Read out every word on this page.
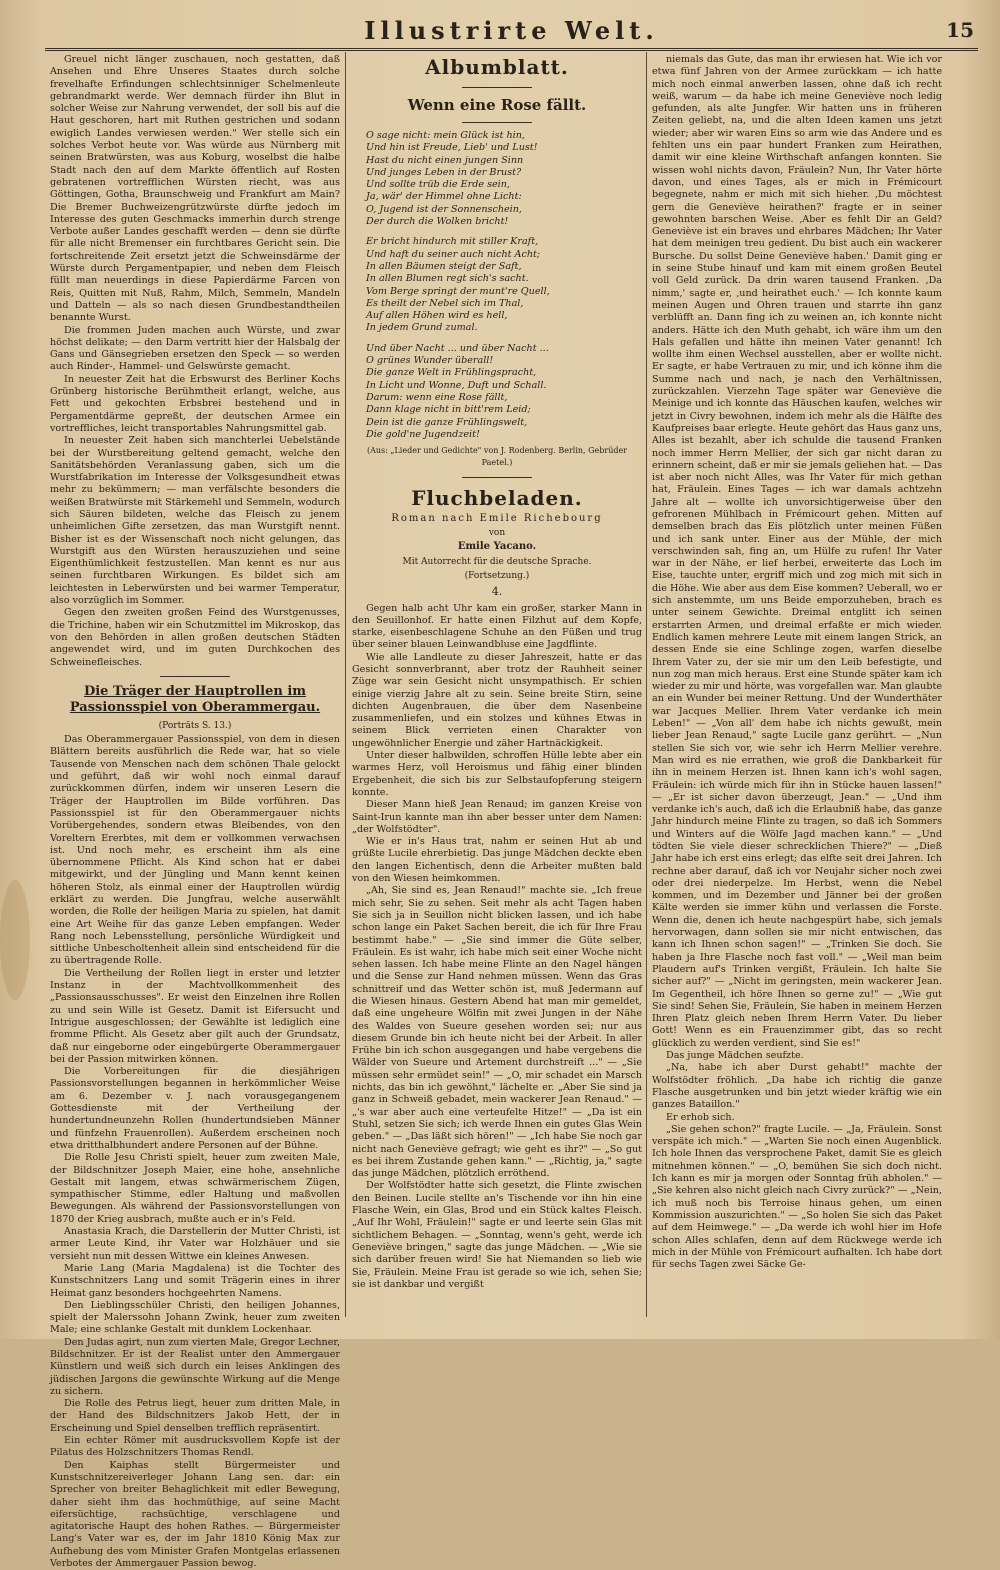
Illustrirte Welt.	15

Greuel nicht länger zuschauen, noch gestatten, daß Ansehen und Ehre Unseres Staates durch solche frevelhafte Erfindungen schlechtsinniger Schelmenleute gebrandmarkt werde. Wer demnach fürder ihn Blut in solcher Weise zur Nahrung verwendet, der soll bis auf die Haut geschoren, hart mit Ruthen gestrichen und sodann ewiglich Landes verwiesen werden." Wer stelle sich ein solches Verbot heute vor. Was würde aus Nürnberg mit seinen Bratwürsten, was aus Koburg, woselbst die halbe Stadt nach den auf dem Markte öffentlich auf Rosten gebratenen vortrefflichen Würsten riecht, was aus Göttingen, Gotha, Braunschweig und Frankfurt am Main? Die Bremer Buchweizengrützwürste dürfte jedoch im Interesse des guten Geschmacks immerhin durch strenge Verbote außer Landes geschafft werden — denn sie dürfte für alle nicht Bremenser ein furchtbares Gericht sein. Die fortschreitende Zeit ersetzt jetzt die Schweinsdärme der Würste durch Pergamentpapier, und neben dem Fleisch füllt man neuerdings in diese Papierdärme Farcen von Reis, Quitten mit Nuß, Rahm, Milch, Semmeln, Mandeln und Datteln — als so nach diesen Grundbestandtheilen benannte Wurst.

Die frommen Juden machen auch Würste, und zwar höchst delikate; — den Darm vertritt hier der Halsbalg der Gans und Gänsegrieben ersetzen den Speck — so werden auch Rinder-, Hammel- und Gelswürste gemacht.

In neuester Zeit hat die Erbswurst des Berliner Kochs Grünberg historische Berühmtheit erlangt, welche, aus Fett und gekochten Erbsbrei bestehend und in Pergamentdärme gepreßt, der deutschen Armee ein vortreffliches, leicht transportables Nahrungsmittel gab.

In neuester Zeit haben sich manchterlei Uebelstände bei der Wurstbereitung geltend gemacht, welche den Sanitätsbehörden Veranlassung gaben, sich um die Wurstfabrikation im Interesse der Volksgesundheit etwas mehr zu bekümmern; — man verfälschte besonders die weißen Bratwürste mit Stärkemehl und Semmeln, wodurch sich Säuren bildeten, welche das Fleisch zu jenem unheimlichen Gifte zersetzen, das man Wurstgift nennt. Bisher ist es der Wissenschaft noch nicht gelungen, das Wurstgift aus den Würsten herauszuziehen und seine Eigenthümlichkeit festzustellen. Man kennt es nur aus seinen furchtbaren Wirkungen. Es bildet sich am leichtesten in Leberwürsten und bei warmer Temperatur, also vorzüglich im Sommer.

Gegen den zweiten großen Feind des Wurstgenusses, die Trichine, haben wir ein Schutzmittel im Mikroskop, das von den Behörden in allen großen deutschen Städten angewendet wird, und im guten Durchkochen des Schweinefleisches.

Die Träger der Hauptrollen im Passionsspiel von Oberammergau.

(Porträts S. 13.)

Das Oberammergauer Passionsspiel, von dem in diesen Blättern bereits ausführlich die Rede war, hat so viele Tausende von Menschen nach dem schönen Thale gelockt und geführt, daß wir wohl noch einmal darauf zurückkommen dürfen, indem wir unseren Lesern die Träger der Hauptrollen im Bilde vorführen. Das Passionsspiel ist für den Oberammergauer nichts Vorübergehendes, sondern etwas Bleibendes, von den Voreltern Ererbtes, mit dem er vollkommen verwachsen ist. Und noch mehr, es erscheint ihm als eine übernommene Pflicht. Als Kind schon hat er dabei mitgewirkt, und der Jüngling und Mann kennt keinen höheren Stolz, als einmal einer der Hauptrollen würdig erklärt zu werden. Die Jungfrau, welche auserwählt worden, die Rolle der heiligen Maria zu spielen, hat damit eine Art Weihe für das ganze Leben empfangen. Weder Rang noch Lebensstellung, persönliche Würdigkeit und sittliche Unbescholtenheit allein sind entscheidend für die zu übertragende Rolle.

Die Vertheilung der Rollen liegt in erster und letzter Instanz in der Machtvollkommenheit des „Passionsausschusses". Er weist den Einzelnen ihre Rollen zu und sein Wille ist Gesetz. Damit ist Eifersucht und Intrigue ausgeschlossen; der Gewählte ist lediglich eine fromme Pflicht. Als Gesetz aber gilt auch der Grundsatz, daß nur eingeborne oder eingebürgerte Oberammergauer bei der Passion mitwirken können.

Die Vorbereitungen für die diesjährigen Passionsvorstellungen begannen in herkömmlicher Weise am 6. Dezember v. J. nach vorausgegangenem Gottesdienste mit der Vertheilung der hundertundneunzehn Rollen (hundertundsieben Männer und fünfzehn Frauenrollen). Außerdem erscheinen noch etwa dritthalbhundert andere Personen auf der Bühne.

Die Rolle Jesu Christi spielt, heuer zum zweiten Male, der Bildschnitzer Joseph Maier, eine hohe, ansehnliche Gestalt mit langem, etwas schwärmerischem Zügen, sympathischer Stimme, edler Haltung und maßvollen Bewegungen. Als während der Passionsvorstellungen von 1870 der Krieg ausbrach, mußte auch er in's Feld.

Anastasia Krach, die Darstellerin der Mutter Christi, ist armer Leute Kind, ihr Vater war Holzhäuer und sie versieht nun mit dessen Wittwe ein kleines Anwesen.

Marie Lang (Maria Magdalena) ist die Tochter des Kunstschnitzers Lang und somit Trägerin eines in ihrer Heimat ganz besonders hochgeehrten Namens.

Den Lieblingsschüler Christi, den heiligen Johannes, spielt der Malerssohn Johann Zwink, heuer zum zweiten Male; eine schlanke Gestalt mit dunklem Lockenhaar.

Den Judas agirt, nun zum vierten Male, Gregor Lechner, Bildschnitzer. Er ist der Realist unter den Ammergauer Künstlern und weiß sich durch ein leises Anklingen des jüdischen Jargons die gewünschte Wirkung auf die Menge zu sichern.

Die Rolle des Petrus liegt, heuer zum dritten Male, in der Hand des Bildschnitzers Jakob Hett, der in Erscheinung und Spiel denselben trefflich repräsentirt.

Ein echter Römer mit ausdrucksvollem Kopfe ist der Pilatus des Holzschnitzers Thomas Rendl.

Den Kaiphas stellt Bürgermeister und Kunstschnitzereiverleger Johann Lang sen. dar: ein Sprecher von breiter Behaglichkeit mit edler Bewegung, daher sieht ihm das hochmüthige, auf seine Macht eifersüchtige, rachsüchtige, verschlagene und agitatorische Haupt des hohen Rathes. — Bürgermeister Lang's Vater war es, der im Jahr 1810 König Max zur Aufhebung des vom Minister Grafen Montgelas erlassenen Verbotes der Ammergauer Passion bewog.

Albumblatt.

Wenn eine Rose fällt.

O sage nicht: mein Glück ist hin,

Und hin ist Freude, Lieb' und Lust!

Hast du nicht einen jungen Sinn

Und junges Leben in der Brust?

Und sollte trüb die Erde sein,

Ja, wär' der Himmel ohne Licht:

O, Jugend ist der Sonnenschein,

Der durch die Wolken bricht!

Er bricht hindurch mit stiller Kraft,

Und haft du seiner auch nicht Acht;

In allen Bäumen steigt der Saft,

In allen Blumen regt sich's sacht.

Vom Berge springt der munt're Quell,

Es theilt der Nebel sich im Thal,

Auf allen Höhen wird es hell,

In jedem Grund zumal.

Und über Nacht ... und über Nacht ...

O grünes Wunder überall!

Die ganze Welt in Frühlingspracht,

In Licht und Wonne, Duft und Schall.

Darum: wenn eine Rose fällt,

Dann klage nicht in bitt'rem Leid;

Dein ist die ganze Frühlingswelt,

Die gold'ne Jugendzeit!

(Aus: „Lieder und Gedichte" von J. Rodenberg. Berlin, Gebrüder Paetel.)

Fluchbeladen.

Roman nach Emile Richebourg

von

Emile Yacano.

Mit Autorrecht für die deutsche Sprache.

(Fortsetzung.)

4.

Gegen halb acht Uhr kam ein großer, starker Mann in den Seuillonhof. Er hatte einen Filzhut auf dem Kopfe, starke, eisenbeschlagene Schuhe an den Füßen und trug über seiner blauen Leinwandbluse eine Jagdflinte.

Wie alle Landleute zu dieser Jahreszeit, hatte er das Gesicht sonnverbrannt, aber trotz der Rauhheit seiner Züge war sein Gesicht nicht unsympathisch. Er schien einige vierzig Jahre alt zu sein. Seine breite Stirn, seine dichten Augenbrauen, die über dem Nasenbeine zusammenliefen, und ein stolzes und kühnes Etwas in seinem Blick verrieten einen Charakter von ungewöhnlicher Energie und zäher Hartnäckigkeit.

Unter dieser halbwilden, schroffen Hülle lebte aber ein warmes Herz, voll Heroismus und fähig einer blinden Ergebenheit, die sich bis zur Selbstaufopferung steigern konnte.

Dieser Mann hieß Jean Renaud; im ganzen Kreise von Saint-Irun kannte man ihn aber besser unter dem Namen: „der Wolfstödter".

Wie er in's Haus trat, nahm er seinen Hut ab und grüßte Lucile ehrerbietig. Das junge Mädchen deckte eben den langen Eichentisch, denn die Arbeiter mußten bald von den Wiesen heimkommen.

„Ah, Sie sind es, Jean Renaud!" machte sie. „Ich freue mich sehr, Sie zu sehen. Seit mehr als acht Tagen haben Sie sich ja in Seuillon nicht blicken lassen, und ich habe schon lange ein Paket Sachen bereit, die ich für Ihre Frau bestimmt habe." — „Sie sind immer die Güte selber, Fräulein. Es ist wahr, ich habe mich seit einer Woche nicht sehen lassen. Ich habe meine Flinte an den Nagel hängen und die Sense zur Hand nehmen müssen. Wenn das Gras schnittreif und das Wetter schön ist, muß Jedermann auf die Wiesen hinaus. Gestern Abend hat man mir gemeldet, daß eine ungeheure Wölfin mit zwei Jungen in der Nähe des Waldes von Sueure gesehen worden sei; nur aus diesem Grunde bin ich heute nicht bei der Arbeit. In aller Frühe bin ich schon ausgegangen und habe vergebens die Wälder von Sueure und Artement durchstreift ..." — „Sie müssen sehr ermüdet sein!" — „O, mir schadet ein Marsch nichts, das bin ich gewöhnt," lächelte er. „Aber Sie sind ja ganz in Schweiß gebadet, mein wackerer Jean Renaud." — „'s war aber auch eine verteufelte Hitze!" — „Da ist ein Stuhl, setzen Sie sich; ich werde Ihnen ein gutes Glas Wein geben." — „Das läßt sich hören!" — „Ich habe Sie noch gar nicht nach Geneviève gefragt; wie geht es ihr?" — „So gut es bei ihrem Zustande gehen kann." — „Richtig, ja," sagte das junge Mädchen, plötzlich erröthend.

Der Wolfstödter hatte sich gesetzt, die Flinte zwischen den Beinen. Lucile stellte an's Tischende vor ihn hin eine Flasche Wein, ein Glas, Brod und ein Stück kaltes Fleisch. „Auf Ihr Wohl, Fräulein!" sagte er und leerte sein Glas mit sichtlichem Behagen. — „Sonntag, wenn's geht, werde ich Geneviève bringen," sagte das junge Mädchen. — „Wie sie sich darüber freuen wird! Sie hat Niemanden so lieb wie Sie, Fräulein. Meine Frau ist gerade so wie ich, sehen Sie; sie ist dankbar und vergißt

niemals das Gute, das man ihr erwiesen hat. Wie ich vor etwa fünf Jahren von der Armee zurückkam — ich hatte mich noch einmal anwerben lassen, ohne daß ich recht weiß, warum — da habe ich meine Geneviève noch ledig gefunden, als alte Jungfer. Wir hatten uns in früheren Zeiten geliebt, na, und die alten Ideen kamen uns jetzt wieder; aber wir waren Eins so arm wie das Andere und es fehlten uns ein paar hundert Franken zum Heirathen, damit wir eine kleine Wirthschaft anfangen konnten. Sie wissen wohl nichts davon, Fräulein? Nun, Ihr Vater hörte davon, und eines Tages, als er mich in Frémicourt begegnete, nahm er mich mit sich hieher. ‚Du möchtest gern die Geneviève heirathen?' fragte er in seiner gewohnten barschen Weise. ‚Aber es fehlt Dir an Geld? Geneviève ist ein braves und ehrbares Mädchen; Ihr Vater hat dem meinigen treu gedient. Du bist auch ein wackerer Bursche. Du sollst Deine Geneviève haben.' Damit ging er in seine Stube hinauf und kam mit einem großen Beutel voll Geld zurück. Da drin waren tausend Franken. ‚Da nimm,' sagte er, ‚und heirathet euch.' — Ich konnte kaum meinen Augen und Ohren trauen und starrte ihn ganz verblüfft an. Dann fing ich zu weinen an, ich konnte nicht anders. Hätte ich den Muth gehabt, ich wäre ihm um den Hals gefallen und hätte ihn meinen Vater genannt! Ich wollte ihm einen Wechsel ausstellen, aber er wollte nicht. Er sagte, er habe Vertrauen zu mir, und ich könne ihm die Summe nach und nach, je nach den Verhältnissen, zurückzahlen. Vierzehn Tage später war Geneviève die Meinige und ich konnte das Häuschen kaufen, welches wir jetzt in Civry bewohnen, indem ich mehr als die Hälfte des Kaufpreises baar erlegte. Heute gehört das Haus ganz uns, Alles ist bezahlt, aber ich schulde die tausend Franken noch immer Herrn Mellier, der sich gar nicht daran zu erinnern scheint, daß er mir sie jemals geliehen hat. — Das ist aber noch nicht Alles, was Ihr Vater für mich gethan hat, Fräulein. Eines Tages — ich war damals achtzehn Jahre alt — wollte ich unvorsichtigerweise über den gefrorenen Mühlbach in Frémicourt gehen. Mitten auf demselben brach das Eis plötzlich unter meinen Füßen und ich sank unter. Einer aus der Mühle, der mich verschwinden sah, fing an, um Hülfe zu rufen! Ihr Vater war in der Nähe, er lief herbei, erweiterte das Loch im Eise, tauchte unter, ergriff mich und zog mich mit sich in die Höhe. Wie aber aus dem Eise kommen? Ueberall, wo er sich anstemmte, um uns Beide emporzuheben, brach es unter seinem Gewichte. Dreimal entglitt ich seinen erstarrten Armen, und dreimal erfaßte er mich wieder. Endlich kamen mehrere Leute mit einem langen Strick, an dessen Ende sie eine Schlinge zogen, warfen dieselbe Ihrem Vater zu, der sie mir um den Leib befestigte, und nun zog man mich heraus. Erst eine Stunde später kam ich wieder zu mir und hörte, was vorgefallen war. Man glaubte an ein Wunder bei meiner Rettung. Und der Wunderthäter war Jacques Mellier. Ihrem Vater verdanke ich mein Leben!" — „Von all' dem habe ich nichts gewußt, mein lieber Jean Renaud," sagte Lucile ganz gerührt. — „Nun stellen Sie sich vor, wie sehr ich Herrn Mellier verehre. Man wird es nie errathen, wie groß die Dankbarkeit für ihn in meinem Herzen ist. Ihnen kann ich's wohl sagen, Fräulein: ich würde mich für ihn in Stücke hauen lassen!" — „Er ist sicher davon überzeugt, Jean." — „Und ihm verdanke ich's auch, daß ich die Erlaubniß habe, das ganze Jahr hindurch meine Flinte zu tragen, so daß ich Sommers und Winters auf die Wölfe Jagd machen kann." — „Und tödten Sie viele dieser schrecklichen Thiere?" — „Dieß Jahr habe ich erst eins erlegt; das elfte seit drei Jahren. Ich rechne aber darauf, daß ich vor Neujahr sicher noch zwei oder drei niederpelze. Im Herbst, wenn die Nebel kommen, und im Dezember und Jänner bei der großen Kälte werden sie immer kühn und verlassen die Forste. Wenn die, denen ich heute nachgespürt habe, sich jemals hervorwagen, dann sollen sie mir nicht entwischen, das kann ich Ihnen schon sagen!" — „Trinken Sie doch. Sie haben ja Ihre Flasche noch fast voll." — „Weil man beim Plaudern auf's Trinken vergißt, Fräulein. Ich halte Sie sicher auf?" — „Nicht im geringsten, mein wackerer Jean. Im Gegentheil, ich höre Ihnen so gerne zu!" — „Wie gut Sie sind! Sehen Sie, Fräulein, Sie haben in meinem Herzen Ihren Platz gleich neben Ihrem Herrn Vater. Du lieber Gott! Wenn es ein Frauenzimmer gibt, das so recht glücklich zu werden verdient, sind Sie es!"

Das junge Mädchen seufzte.

„Na, habe ich aber Durst gehabt!" machte der Wolfstödter fröhlich. „Da habe ich richtig die ganze Flasche ausgetrunken und bin jetzt wieder kräftig wie ein ganzes Bataillon."

Er erhob sich.

„Sie gehen schon?" fragte Lucile. — „Ja, Fräulein. Sonst verspäte ich mich." — „Warten Sie noch einen Augenblick. Ich hole Ihnen das versprochene Paket, damit Sie es gleich mitnehmen können." — „O, bemühen Sie sich doch nicht. Ich kann es mir ja morgen oder Sonntag früh abholen." — „Sie kehren also nicht gleich nach Civry zurück?" — „Nein, ich muß noch bis Terroise hinaus gehen, um einen Kommission auszurichten." — „So holen Sie sich das Paket auf dem Heimwege." — „Da werde ich wohl hier im Hofe schon Alles schlafen, denn auf dem Rückwege werde ich mich in der Mühle von Frémicourt aufhalten. Ich habe dort für sechs Tagen zwei Säcke Ge-
